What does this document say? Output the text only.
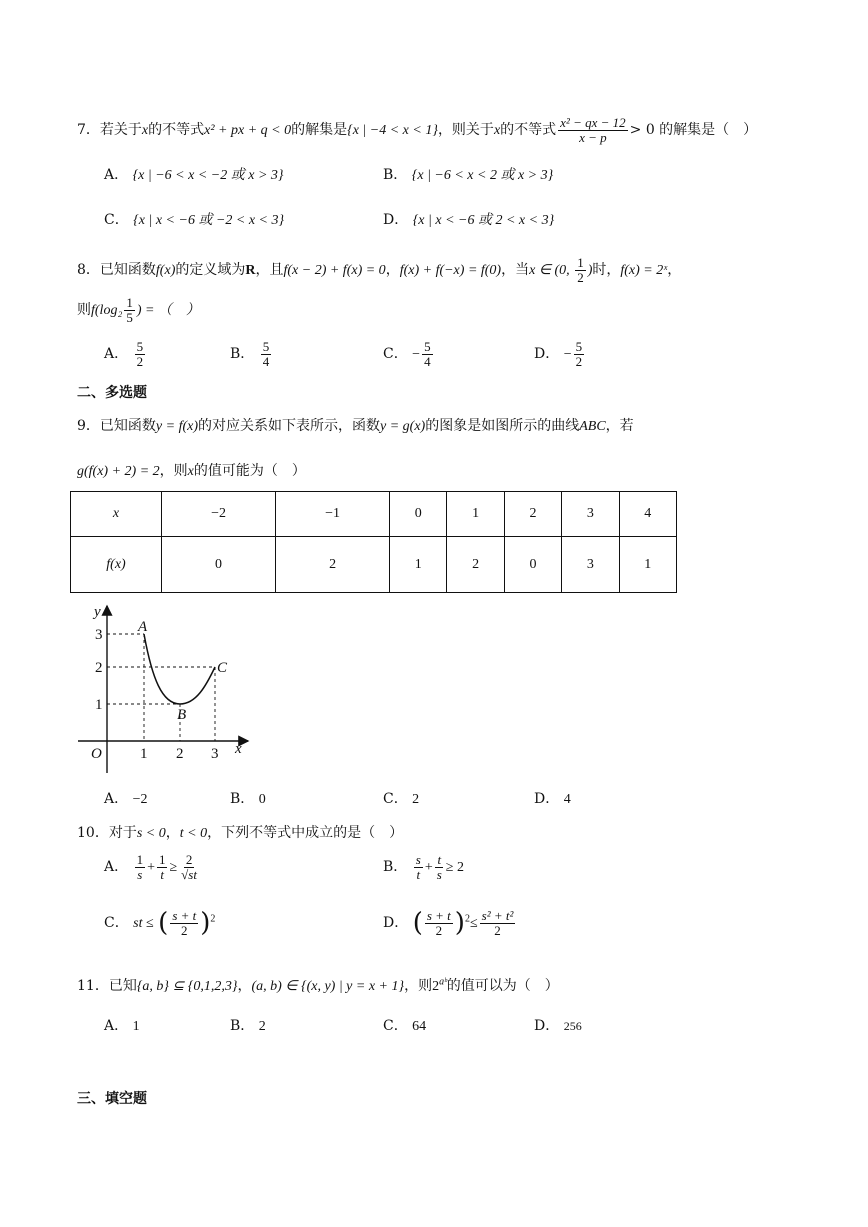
7．若关于x的不等式x² + px + q < 0的解集是{x | −4 < x < 1}，则关于x的不等式 $\frac{\text{x² − qx − 12}}{x - p} > 0$ 的解集是（　）
A． {x | −6 < x < −2 或 x > 3}	B． {x | −6 < x < 2 或 x > 3}
C． {x | x < −6 或 −2 < x < 3}	D． {x | x < −6 或 2 < x < 3}
8．已知函数f(x)的定义域为R，且f(x − 2) + f(x) = 0，f(x) + f(−x) = f(0)，当x ∈ (0, $\frac{1}{2}$ )时，f(x) = 2ˣ，
则$f(\log_2 \frac{1}{5}$ ) = （　）
A． $\frac{5}{2}$	B． $\frac{5}{4}$	C． − $\frac{5}{4}$	D． − $\frac{5}{2}$
二、多选题
9．已知函数y = f(x)的对应关系如下表所示，函数y = g(x)的图象是如图所示的曲线ABC，若
g(f(x) + 2) = 2，则x的值可能为（　）
x	−2	−1	0	1	2	3	4
f(x)	0	2	1	2	0	3	1
y
x
O
3
2
1
1 2 3
A
B
C
A． −2	B． 0	C． 2	D． 4
10．对于s < 0，t < 0，下列不等式中成立的是（　）
A． $\frac{1}{s} + \frac{1}{t} \ge \frac{2}{√st}$	B． $\frac{s}{t} + \frac{t}{s} \ge 2$
C． st ≤ ( $\frac{s + t}{2} )^2$	D． ( $\frac{s + t}{2} )^2\le \frac{\text{s² + t²}}{2}$
11．已知{a, b} ⊆ {0,1,2,3}，(a, b) ∈ {(x, y) | y = x + 1}，则$2^{aᵇ}$的值可以为（　）
A． 1	B． 2	C． 64	D． 256
三、填空题
